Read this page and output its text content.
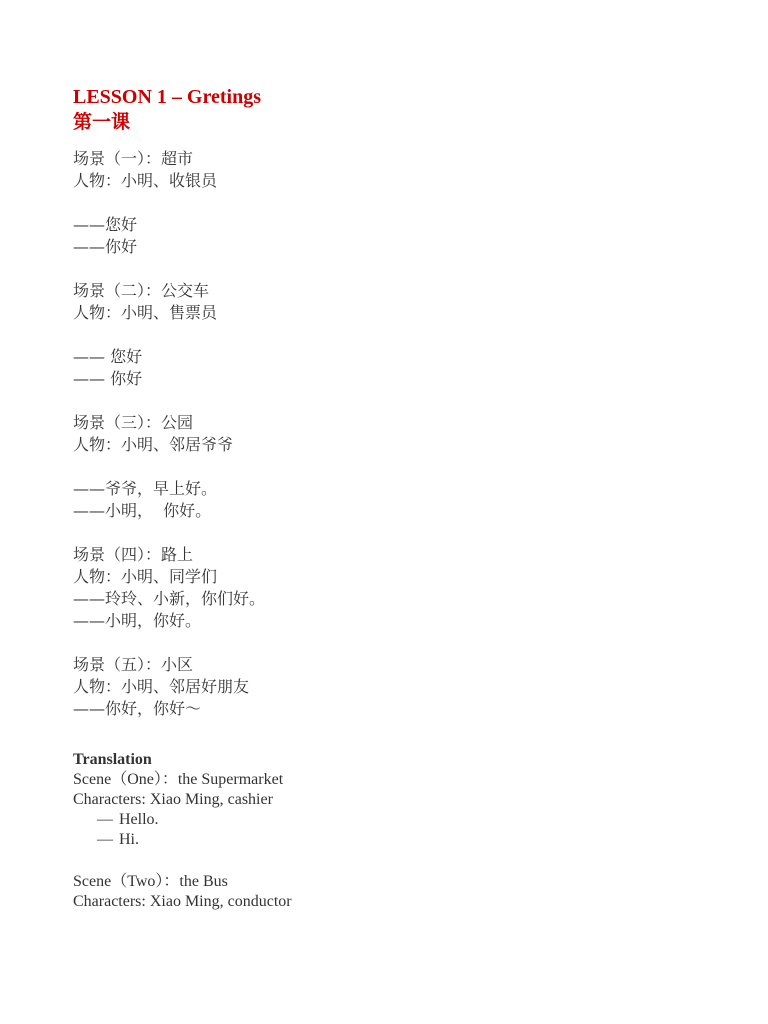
LESSON 1 – Gretings

第一课

场景（一）：超市

人物：小明、收银员

——您好

——你好

场景（二）：公交车

人物：小明、售票员

—— 您好

—— 你好

场景（三）：公园

人物：小明、邻居爷爷

——爷爷，早上好。

——小明，  你好。

场景（四）：路上

人物：小明、同学们

——玲玲、小新，你们好。

——小明，你好。

场景（五）：小区

人物：小明、邻居好朋友

——你好，你好～

Translation

Scene（One）：the Supermarket

Characters: Xiao Ming, cashier

— Hello.

— Hi.

Scene（Two）：the Bus

Characters: Xiao Ming, conductor
